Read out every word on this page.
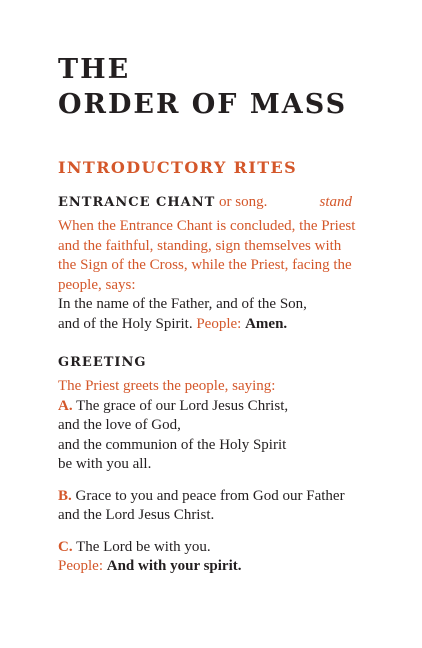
THE
ORDER OF MASS
INTRODUCTORY RITES
ENTRANCE CHANT or song.	stand
When the Entrance Chant is concluded, the Priest
and the faithful, standing, sign themselves with
the Sign of the Cross, while the Priest, facing the
people, says:
In the name of the Father, and of the Son,
and of the Holy Spirit. People: Amen.
GREETING
The Priest greets the people, saying:
A. The grace of our Lord Jesus Christ,
and the love of God,
and the communion of the Holy Spirit
be with you all.
B. Grace to you and peace from God our Father
and the Lord Jesus Christ.
C. The Lord be with you.
People: And with your spirit.
